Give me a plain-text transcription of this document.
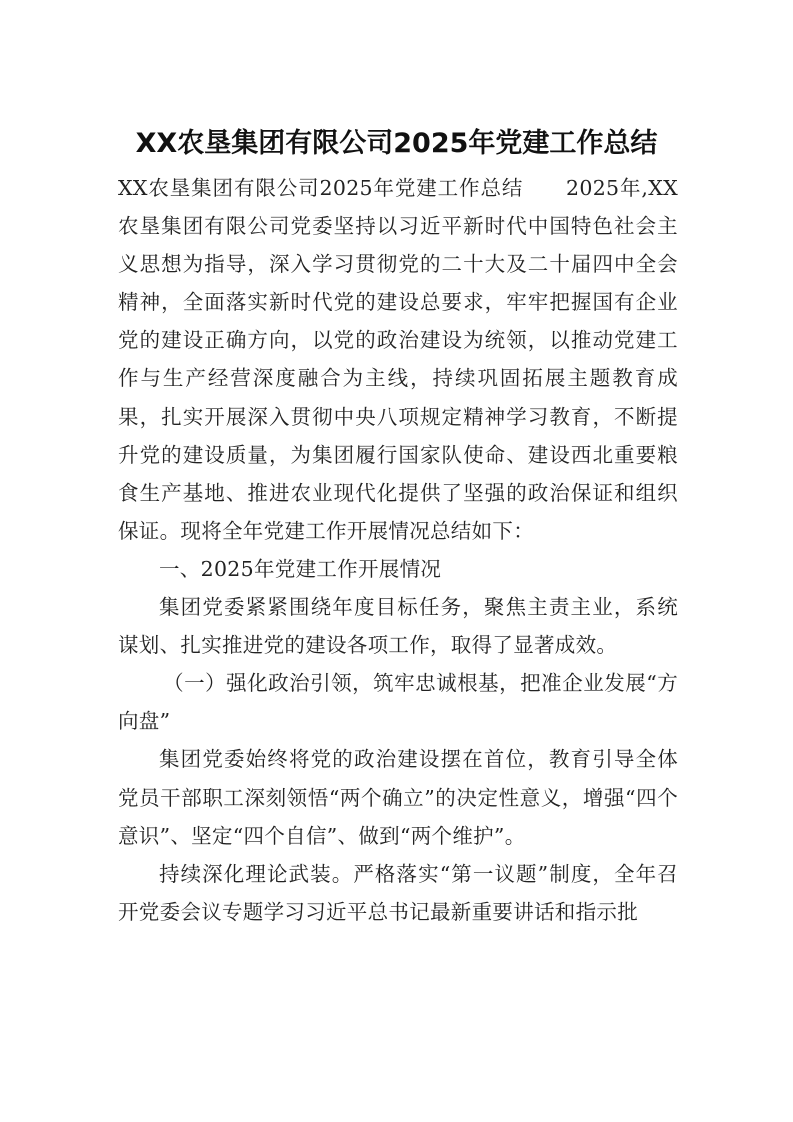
XX农垦集团有限公司2025年党建工作总结

XX农垦集团有限公司2025年党建工作总结　　2025年,XX农垦集团有限公司党委坚持以习近平新时代中国特色社会主义思想为指导，深入学习贯彻党的二十大及二十届四中全会精神，全面落实新时代党的建设总要求，牢牢把握国有企业党的建设正确方向，以党的政治建设为统领，以推动党建工作与生产经营深度融合为主线，持续巩固拓展主题教育成果，扎实开展深入贯彻中央八项规定精神学习教育，不断提升党的建设质量，为集团履行国家队使命、建设西北重要粮食生产基地、推进农业现代化提供了坚强的政治保证和组织保证。现将全年党建工作开展情况总结如下：

一、2025年党建工作开展情况

集团党委紧紧围绕年度目标任务，聚焦主责主业，系统谋划、扎实推进党的建设各项工作，取得了显著成效。

（一）强化政治引领，筑牢忠诚根基，把准企业发展“方向盘”

集团党委始终将党的政治建设摆在首位，教育引导全体党员干部职工深刻领悟“两个确立”的决定性意义，增强“四个意识”、坚定“四个自信”、做到“两个维护”。

持续深化理论武装。严格落实“第一议题”制度，全年召开党委会议专题学习习近平总书记最新重要讲话和指示批
